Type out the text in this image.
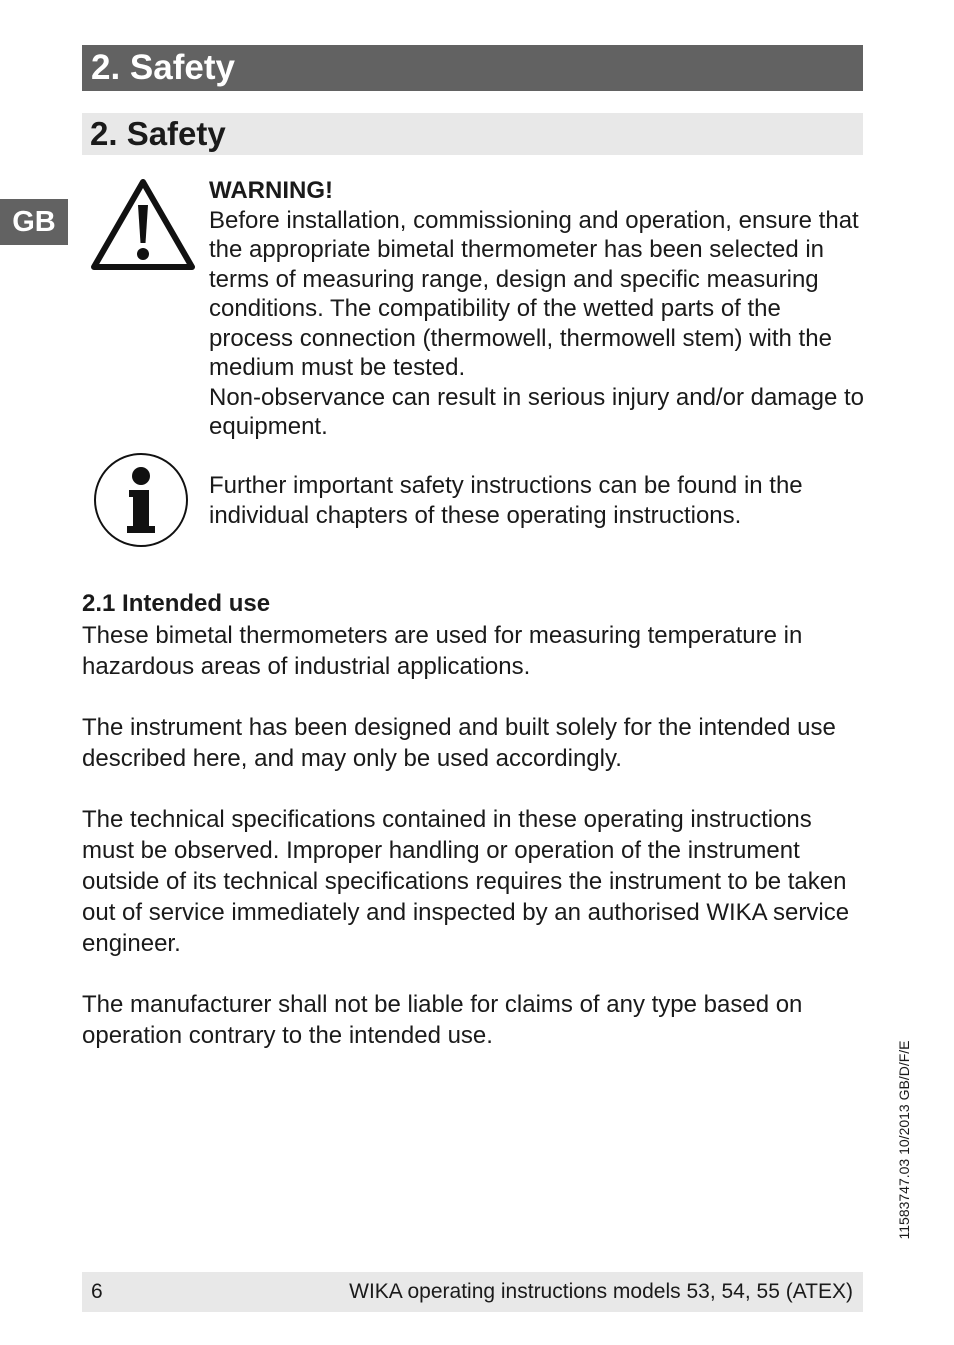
2. Safety
2. Safety
GB
WARNING!
Before installation, commissioning and operation, ensure that the appropriate bimetal thermometer has been selected in terms of measuring range, design and specific measuring conditions. The compatibility of the wetted parts of the process connection (thermowell, thermowell stem) with the medium must be tested.
Non-observance can result in serious injury and/or damage to equipment.
Further important safety instructions can be found in the individual chapters of these operating instructions.
2.1 Intended use

These bimetal thermometers are used for measuring temperature in hazardous areas of industrial applications.

The instrument has been designed and built solely for the intended use described here, and may only be used accordingly.

The technical specifications contained in these operating instructions must be observed. Improper handling or operation of the instrument outside of its technical specifications requires the instrument to be taken out of service immediately and inspected by an authorised WIKA service engineer.

The manufacturer shall not be liable for claims of any type based on operation contrary to the intended use.

11583747.03 10/2013 GB/D/F/E
6	WIKA operating instructions models 53, 54, 55 (ATEX)
